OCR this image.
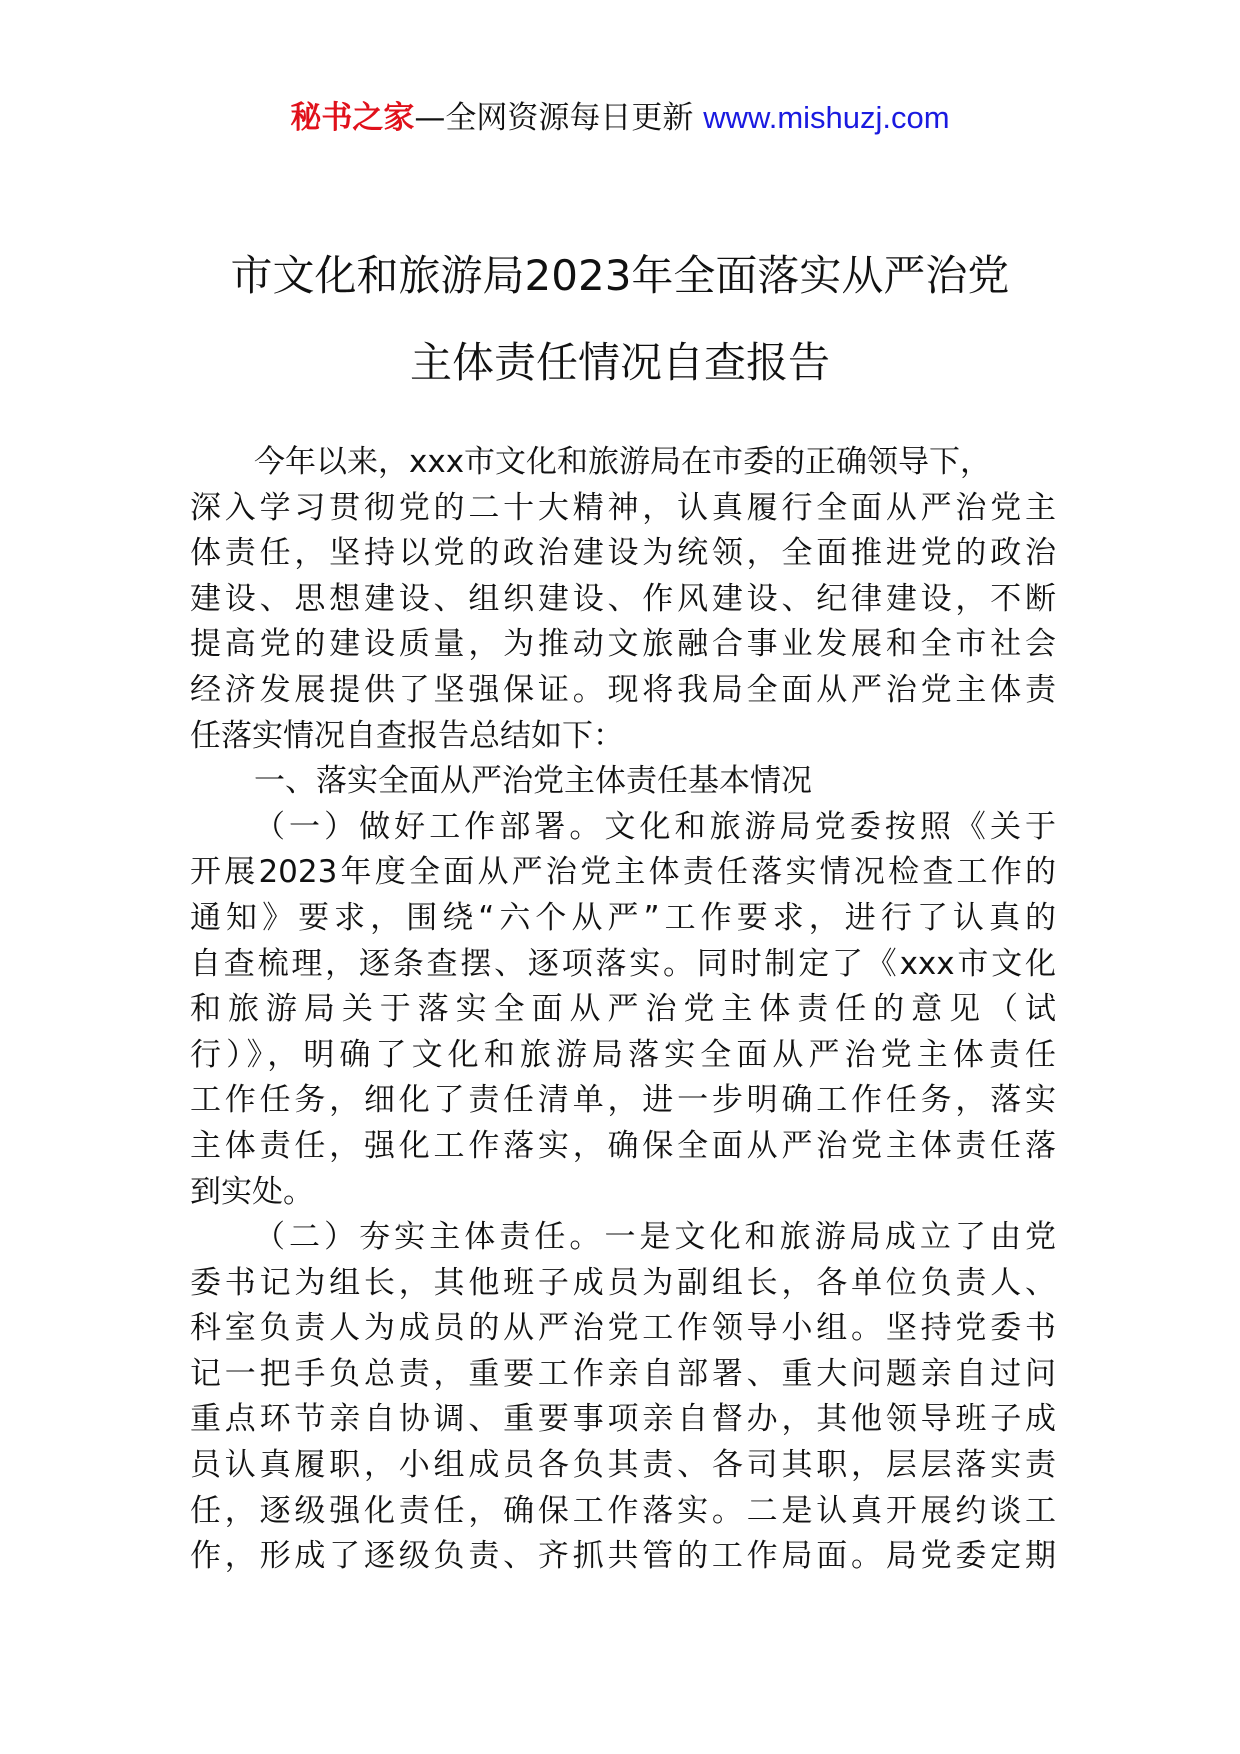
秘书之家—全网资源每日更新 www.mishuzj.com
市文化和旅游局2023年全面落实从严治党
主体责任情况自查报告
今年以来，xxx市文化和旅游局在市委的正确领导下，
深入学习贯彻党的二十大精神，认真履行全面从严治党主
体责任，坚持以党的政治建设为统领，全面推进党的政治
建设、思想建设、组织建设、作风建设、纪律建设，不断
提高党的建设质量，为推动文旅融合事业发展和全市社会
经济发展提供了坚强保证。现将我局全面从严治党主体责
任落实情况自查报告总结如下：
一、落实全面从严治党主体责任基本情况
（一）做好工作部署。文化和旅游局党委按照《关于
开展2023年度全面从严治党主体责任落实情况检查工作的
通知》要求，围绕“六个从严”工作要求，进行了认真的
自查梳理，逐条查摆、逐项落实。同时制定了《xxx市文化
和旅游局关于落实全面从严治党主体责任的意见（试
行）》，明确了文化和旅游局落实全面从严治党主体责任
工作任务，细化了责任清单，进一步明确工作任务，落实
主体责任，强化工作落实，确保全面从严治党主体责任落
到实处。
（二）夯实主体责任。一是文化和旅游局成立了由党
委书记为组长，其他班子成员为副组长，各单位负责人、
科室负责人为成员的从严治党工作领导小组。坚持党委书
记一把手负总责，重要工作亲自部署、重大问题亲自过问
重点环节亲自协调、重要事项亲自督办，其他领导班子成
员认真履职，小组成员各负其责、各司其职，层层落实责
任，逐级强化责任，确保工作落实。二是认真开展约谈工
作，形成了逐级负责、齐抓共管的工作局面。局党委定期
